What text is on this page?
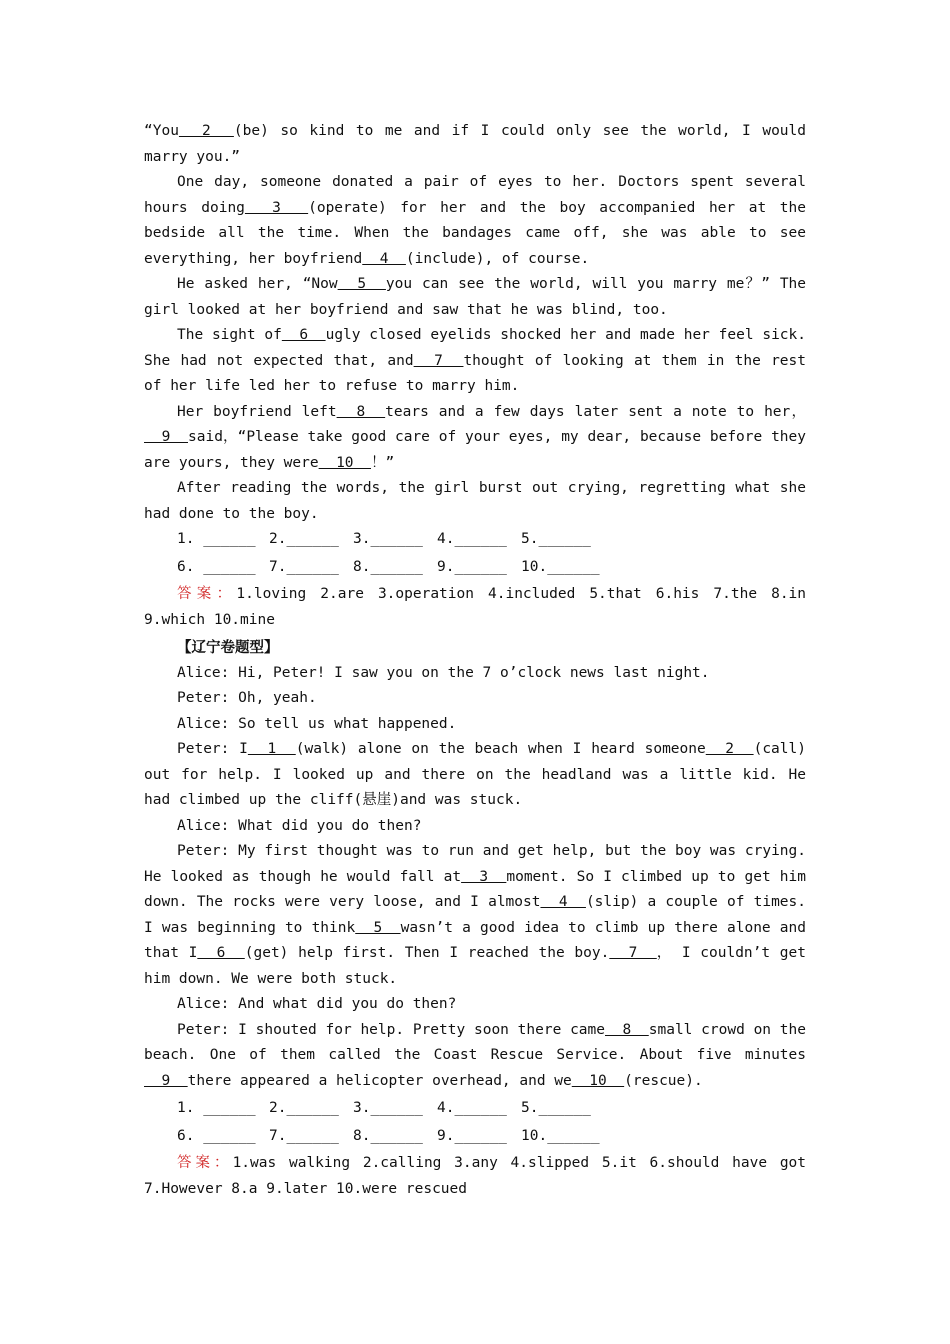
“You  2  (be) so kind to me and if I could only see the world, I would marry you.”

One day, someone donated a pair of eyes to her. Doctors spent several hours doing  3  (operate) for her and the boy accompanied her at the bedside all the time. When the bandages came off, she was able to see everything, her boyfriend  4  (include), of course.

He asked her, “Now  5  you can see the world, will you marry me？” The girl looked at her boyfriend and saw that he was blind, too.

The sight of  6  ugly closed eyelids shocked her and made her feel sick. She had not expected that, and  7  thought of looking at them in the rest of her life led her to refuse to marry him.

Her boyfriend left  8  tears and a few days later sent a note to her，  9  said，“Please take good care of your eyes, my dear, because before they are yours, they were  10  ！”

After reading the words, the girl burst out crying, regretting what she had done to the boy.

1. ______ 2.______ 3.______ 4.______ 5.______
6. ______ 7.______ 8.______ 9.______ 10.______

答案：1.loving 2.are 3.operation 4.included 5.that 6.his 7.the 8.in 9.which 10.mine

【辽宁卷题型】

Alice: Hi, Peter! I saw you on the 7 o’clock news last night.

Peter: Oh, yeah.

Alice: So tell us what happened.

Peter: I  1  (walk) alone on the beach when I heard someone  2  (call) out for help. I looked up and there on the headland was a little kid. He had climbed up the cliff(悬崖)and was stuck.

Alice: What did you do then?

Peter: My first thought was to run and get help, but the boy was crying. He looked as though he would fall at  3  moment. So I climbed up to get him down. The rocks were very loose, and I almost  4  (slip) a couple of times. I was beginning to think  5  wasn’t a good idea to climb up there alone and that I  6  (get) help first. Then I reached the boy.  7  ， I couldn’t get him down. We were both stuck.

Alice: And what did you do then?

Peter: I shouted for help. Pretty soon there came  8  small crowd on the beach. One of them called the Coast Rescue Service. About five minutes  9  there appeared a helicopter overhead, and we  10  (rescue).

1. ______ 2.______ 3.______ 4.______ 5.______
6. ______ 7.______ 8.______ 9.______ 10.______

答案：1.was walking 2.calling 3.any 4.slipped 5.it 6.should have got 7.However 8.a 9.later 10.were rescued
